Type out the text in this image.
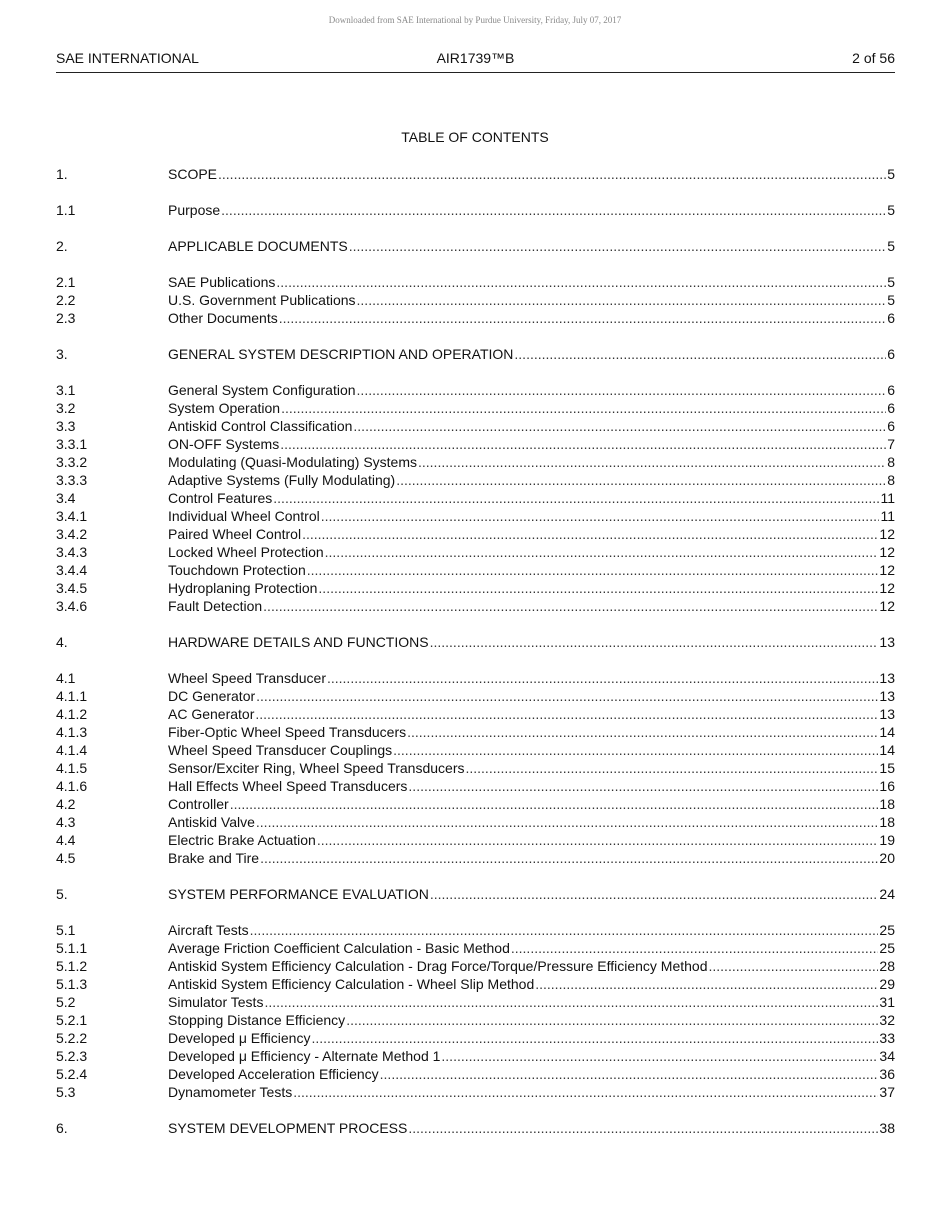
Downloaded from SAE International by Purdue University, Friday, July 07, 2017
SAE INTERNATIONAL	AIR1739™B	2 of 56
TABLE OF CONTENTS
1.	SCOPE .....	5
1.1	Purpose .....	5
2.	APPLICABLE DOCUMENTS .....	5
2.1	SAE Publications .....	5
2.2	U.S. Government Publications .....	5
2.3	Other Documents .....	6
3.	GENERAL SYSTEM DESCRIPTION AND OPERATION .....	6
3.1	General System Configuration .....	6
3.2	System Operation .....	6
3.3	Antiskid Control Classification .....	6
3.3.1	ON-OFF Systems .....	7
3.3.2	Modulating (Quasi-Modulating) Systems .....	8
3.3.3	Adaptive Systems (Fully Modulating) .....	8
3.4	Control Features .....	11
3.4.1	Individual Wheel Control .....	11
3.4.2	Paired Wheel Control .....	12
3.4.3	Locked Wheel Protection .....	12
3.4.4	Touchdown Protection .....	12
3.4.5	Hydroplaning Protection .....	12
3.4.6	Fault Detection .....	12
4.	HARDWARE DETAILS AND FUNCTIONS .....	13
4.1	Wheel Speed Transducer .....	13
4.1.1	DC Generator .....	13
4.1.2	AC Generator .....	13
4.1.3	Fiber-Optic Wheel Speed Transducers .....	14
4.1.4	Wheel Speed Transducer Couplings .....	14
4.1.5	Sensor/Exciter Ring, Wheel Speed Transducers .....	15
4.1.6	Hall Effects Wheel Speed Transducers .....	16
4.2	Controller .....	18
4.3	Antiskid Valve .....	18
4.4	Electric Brake Actuation .....	19
4.5	Brake and Tire .....	20
5.	SYSTEM PERFORMANCE EVALUATION .....	24
5.1	Aircraft Tests .....	25
5.1.1	Average Friction Coefficient Calculation - Basic Method .....	25
5.1.2	Antiskid System Efficiency Calculation - Drag Force/Torque/Pressure Efficiency Method .....	28
5.1.3	Antiskid System Efficiency Calculation - Wheel Slip Method .....	29
5.2	Simulator Tests .....	31
5.2.1	Stopping Distance Efficiency .....	32
5.2.2	Developed μ Efficiency .....	33
5.2.3	Developed μ Efficiency - Alternate Method 1 .....	34
5.2.4	Developed Acceleration Efficiency .....	36
5.3	Dynamometer Tests .....	37
6.	SYSTEM DEVELOPMENT PROCESS .....	38
